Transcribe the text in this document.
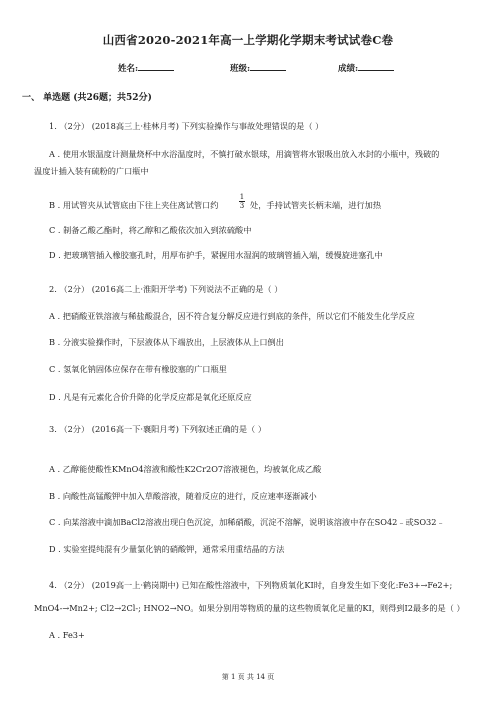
山西省2020-2021年高一上学期化学期末考试试卷C卷
姓名:	班级:	成绩:
一、 单选题 (共26题；共52分)
1. （2分） (2018高三上·桂林月考) 下列实验操作与事故处理错误的是（ ）
A . 使用水银温度计测量烧杯中水浴温度时，不慎打破水银球，用滴管将水银吸出放入水封的小瓶中，残破的
温度计插入装有硫粉的广口瓶中
B . 用试管夹从试管底由下往上夹住离试管口约
1
3 处，手持试管夹长柄末端，进行加热
C . 制备乙酸乙酯时，将乙醇和乙酸依次加入到浓硫酸中
D . 把玻璃管插入橡胶塞孔时，用厚布护手，紧握用水湿润的玻璃管插入端，缓慢旋进塞孔中
2. （2分） (2016高二上·淮阳开学考) 下列说法不正确的是（ ）
A . 把硝酸亚铁溶液与稀盐酸混合，因不符合复分解反应进行到底的条件，所以它们不能发生化学反应
B . 分液实验操作时，下层液体从下端放出，上层液体从上口倒出
C . 氢氧化钠固体应保存在带有橡胶塞的广口瓶里
D . 凡是有元素化合价升降的化学反应都是氧化还原反应
3. （2分） (2016高一下·襄阳月考) 下列叙述正确的是（ ）
A . 乙醇能使酸性KMnO4溶液和酸性K2Cr2O7溶液褪色，均被氧化成乙酸
B . 向酸性高锰酸钾中加入草酸溶液，随着反应的进行，反应速率逐渐减小
C . 向某溶液中滴加BaCl2溶液出现白色沉淀，加稀硝酸，沉淀不溶解，说明该溶液中存在SO42﹣或SO32﹣
D . 实验室提纯混有少量氯化钠的硝酸钾，通常采用重结晶的方法
4. （2分） (2019高一上·鹤岗期中) 已知在酸性溶液中，下列物质氧化KI时，自身发生如下变化:Fe3+→Fe2+;
MnO4-→Mn2+; Cl2→2Cl-; HNO2→NO。如果分别用等物质的量的这些物质氧化足量的KI，则得到I2最多的是（ ）
A . Fe3+
第 1 页 共 14 页
